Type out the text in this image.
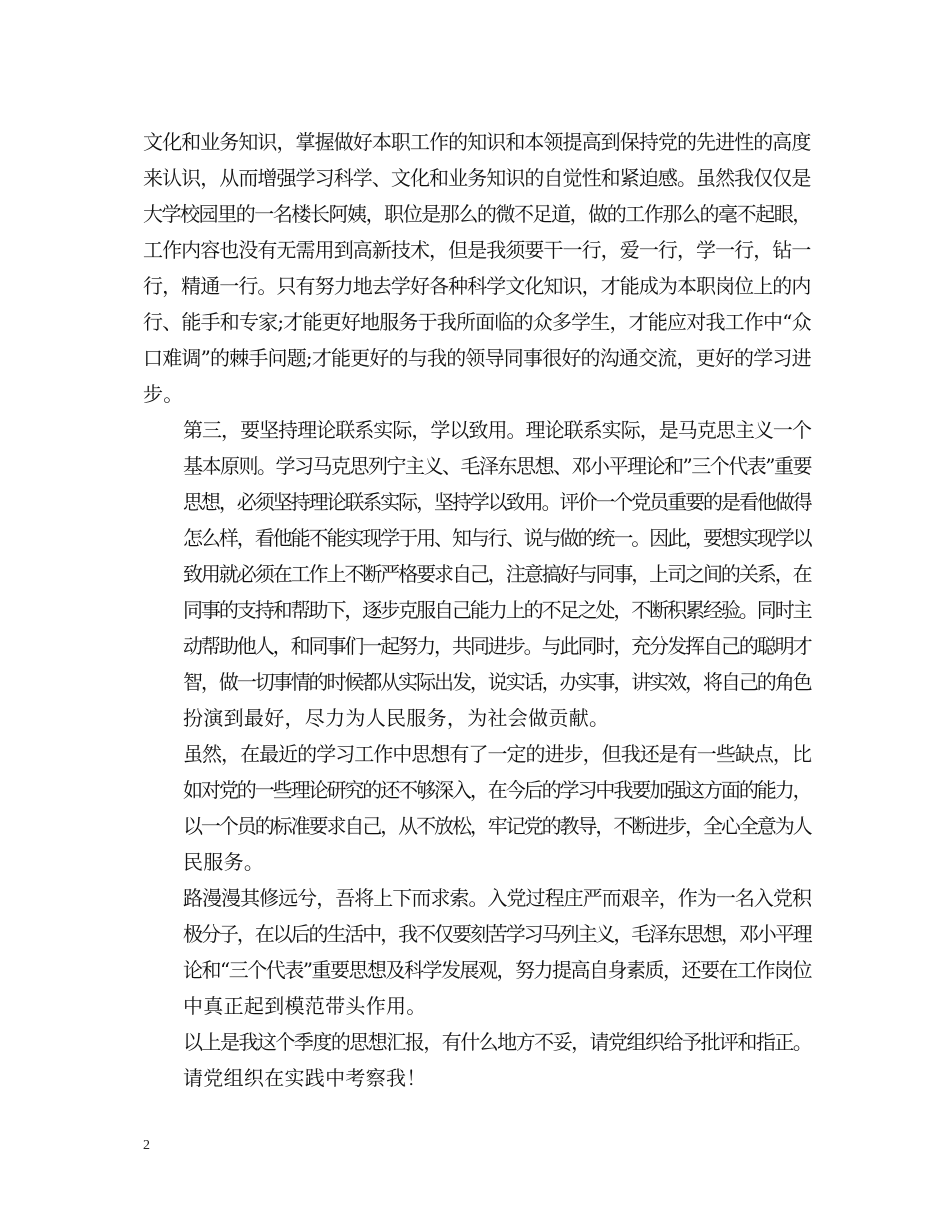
文化和业务知识，掌握做好本职工作的知识和本领提高到保持党的先进性的高度
来认识，从而增强学习科学、文化和业务知识的自觉性和紧迫感。虽然我仅仅是
大学校园里的一名楼长阿姨，职位是那么的微不足道，做的工作那么的毫不起眼，
工作内容也没有无需用到高新技术，但是我须要干一行，爱一行，学一行，钻一
行，精通一行。只有努力地去学好各种科学文化知识，才能成为本职岗位上的内
行、能手和专家;才能更好地服务于我所面临的众多学生，才能应对我工作中“众
口难调”的棘手问题;才能更好的与我的领导同事很好的沟通交流，更好的学习进
步。

第三，要坚持理论联系实际，学以致用。理论联系实际，是马克思主义一个
基本原则。学习马克思列宁主义、毛泽东思想、邓小平理论和”三个代表”重要
思想，必须坚持理论联系实际，坚持学以致用。评价一个党员重要的是看他做得
怎么样，看他能不能实现学于用、知与行、说与做的统一。因此，要想实现学以
致用就必须在工作上不断严格要求自己，注意搞好与同事，上司之间的关系，在
同事的支持和帮助下，逐步克服自己能力上的不足之处，不断积累经验。同时主
动帮助他人，和同事们一起努力，共同进步。与此同时，充分发挥自己的聪明才
智，做一切事情的时候都从实际出发，说实话，办实事，讲实效，将自己的角色
扮演到最好，尽力为人民服务，为社会做贡献。

虽然，在最近的学习工作中思想有了一定的进步，但我还是有一些缺点，比
如对党的一些理论研究的还不够深入，在今后的学习中我要加强这方面的能力，
以一个员的标准要求自己，从不放松，牢记党的教导，不断进步，全心全意为人
民服务。

路漫漫其修远兮，吾将上下而求索。入党过程庄严而艰辛，作为一名入党积
极分子，在以后的生活中，我不仅要刻苦学习马列主义，毛泽东思想，邓小平理
论和“三个代表”重要思想及科学发展观，努力提高自身素质，还要在工作岗位
中真正起到模范带头作用。

以上是我这个季度的思想汇报，有什么地方不妥，请党组织给予批评和指正。
请党组织在实践中考察我！

2
